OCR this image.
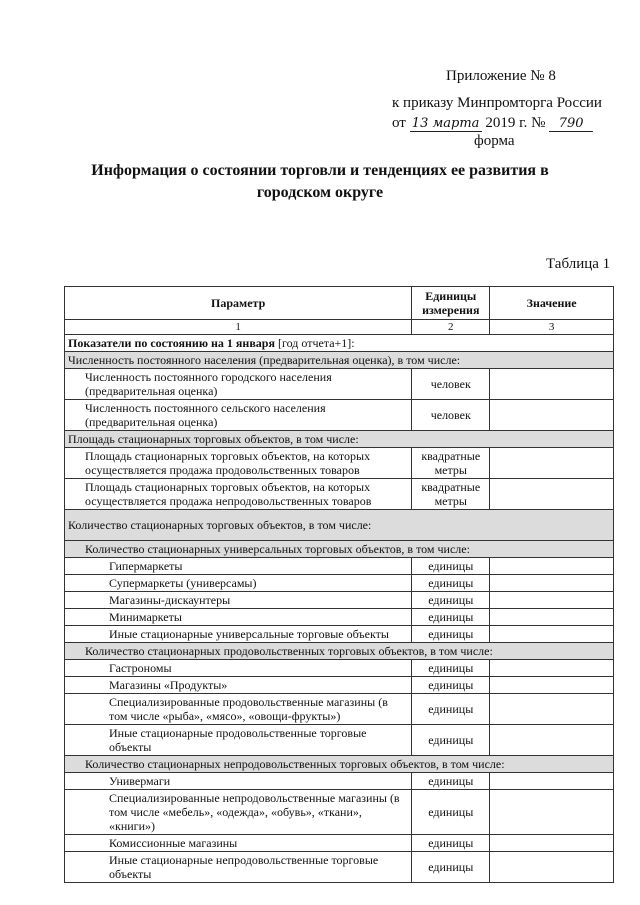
Приложение № 8
к приказу Минпромторга России
от 13 марта 2019 г. № 790
форма
Информация о состоянии торговли и тенденциях ее развития в городском округе
Таблица 1
Параметр	Единицы измерения	Значение
1	2	3
Показатели по состоянию на 1 января [год отчета+1]:		
Численность постоянного населения (предварительная оценка), в том числе:		
Численность постоянного городского населения (предварительная оценка)	человек	
Численность постоянного сельского населения (предварительная оценка)	человек	
Площадь стационарных торговых объектов, в том числе:		
Площадь стационарных торговых объектов, на которых осуществляется продажа продовольственных товаров	квадратные метры	
Площадь стационарных торговых объектов, на которых осуществляется продажа непродовольственных товаров	квадратные метры	
Количество стационарных торговых объектов, в том числе:		
Количество стационарных универсальных торговых объектов, в том числе:		
Гипермаркеты	единицы	
Супермаркеты (универсамы)	единицы	
Магазины-дискаунтеры	единицы	
Минимаркеты	единицы	
Иные стационарные универсальные торговые объекты	единицы	
Количество стационарных продовольственных торговых объектов, в том числе:		
Гастрономы	единицы	
Магазины «Продукты»	единицы	
Специализированные продовольственные магазины (в том числе «рыба», «мясо», «овощи-фрукты»)	единицы	
Иные стационарные продовольственные торговые объекты	единицы	
Количество стационарных непродовольственных торговых объектов, в том числе:		
Универмаги	единицы	
Специализированные непродовольственные магазины (в том числе «мебель», «одежда», «обувь», «ткани», «книги»)	единицы	
Комиссионные магазины	единицы	
Иные стационарные непродовольственные торговые объекты	единицы	
